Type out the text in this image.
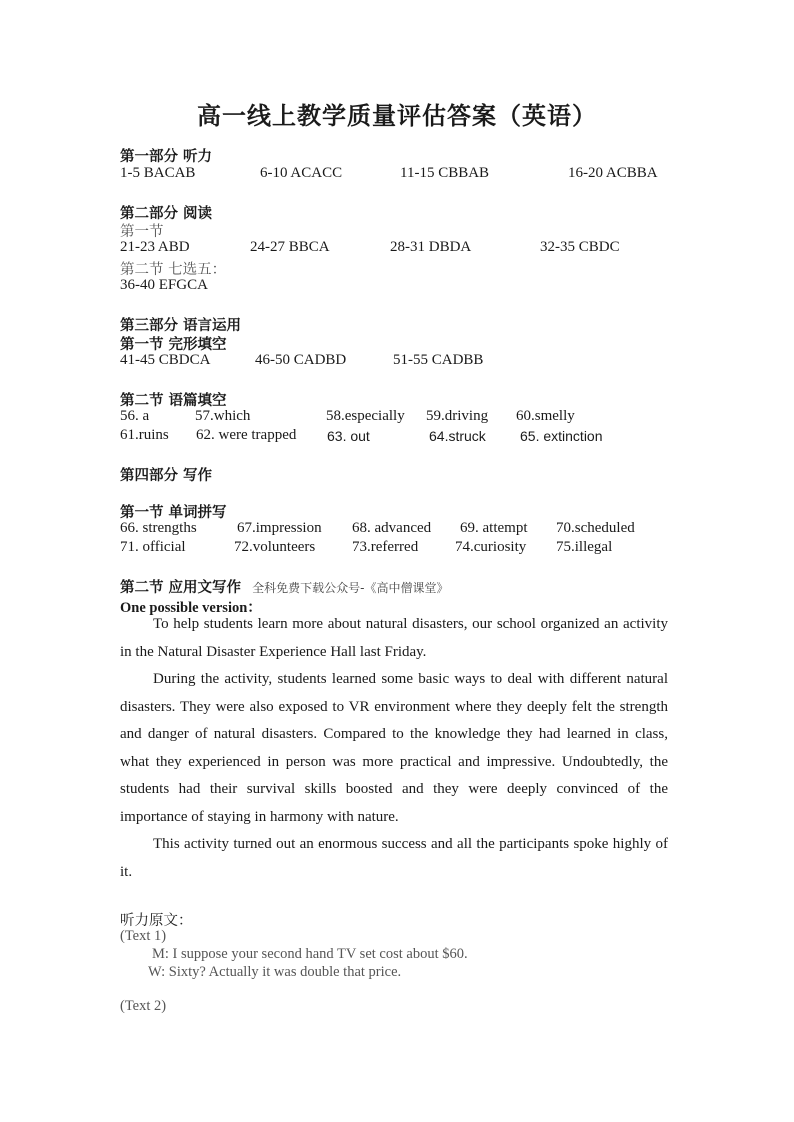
高一线上教学质量评估答案（英语）
第一部分 听力
1-5 BACAB	6-10 ACACC	11-15 CBBAB	16-20 ACBBA
第二部分 阅读
第一节
21-23 ABD	24-27 BBCA	28-31 DBDA	32-35 CBDC
第二节 七选五：
36-40 EFGCA
第三部分 语言运用
第一节 完形填空
41-45 CBDCA	46-50 CADBD	51-55 CADBB
第二节 语篇填空
56. a	57.which	58.especially 59.driving 60.smelly
61.ruins 62. were trapped 63. out	64.struck 65. extinction
第四部分 写作
第一节 单词拼写
66. strengths	67.impression 68. advanced 69. attempt 70.scheduled
71. official	72.volunteers 73.referred 74.curiosity 75.illegal
第二节 应用文写作 全科免费下载公众号-《高中僧课堂》
One possible version：

To help students learn more about natural disasters, our school organized an activity in the Natural Disaster Experience Hall last Friday.

During the activity, students learned some basic ways to deal with different natural disasters. They were also exposed to VR environment where they deeply felt the strength and danger of natural disasters. Compared to the knowledge they had learned in class, what they experienced in person was more practical and impressive. Undoubtedly, the students had their survival skills boosted and they were deeply convinced of the importance of staying in harmony with nature.

This activity turned out an enormous success and all the participants spoke highly of it.

听力原文：
(Text 1)
M: I suppose your second hand TV set cost about $60.
W: Sixty? Actually it was double that price.
(Text 2)
